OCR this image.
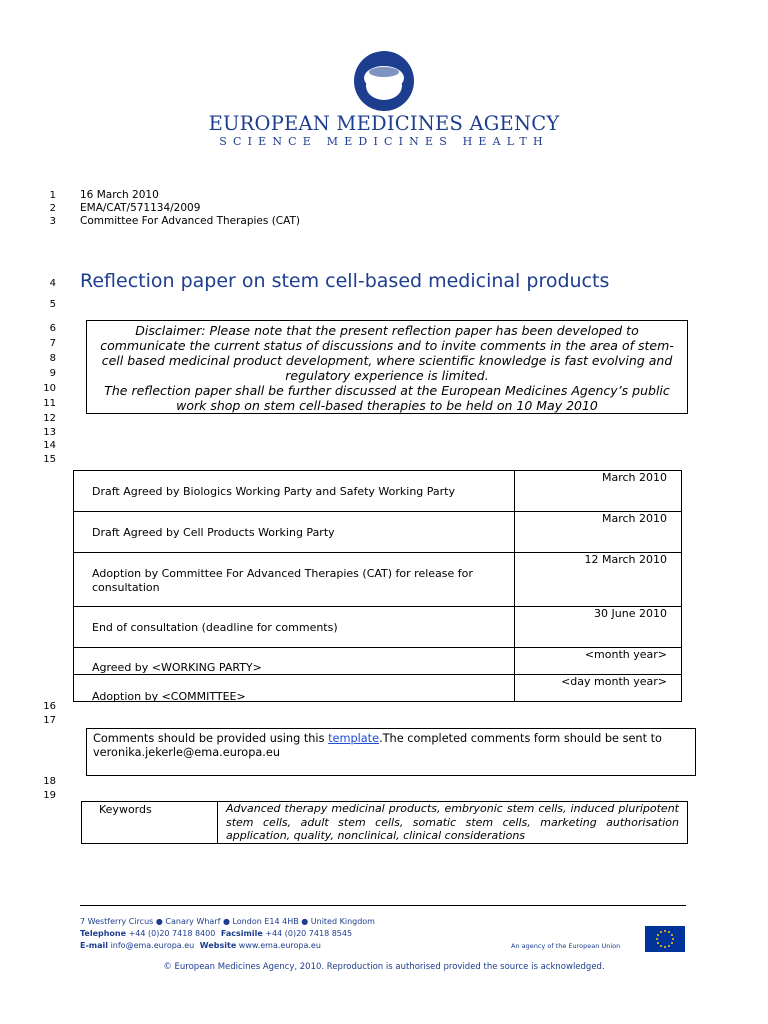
EUROPEAN MEDICINES AGENCY
SCIENCE MEDICINES HEALTH
1
2
3
4
5
6
7
8
9
10
11
12
13
14
15
16
17
18
19
16 March 2010
EMA/CAT/571134/2009
Committee For Advanced Therapies (CAT)
Reflection paper on stem cell-based medicinal products
Disclaimer: Please note that the present reflection paper has been developed to
communicate the current status of discussions and to invite comments in the area of stem-
cell based medicinal product development, where scientific knowledge is fast evolving and
regulatory experience is limited.
The reflection paper shall be further discussed at the European Medicines Agency’s public
work shop on stem cell-based therapies to be held on 10 May 2010
Draft Agreed by Biologics Working Party and Safety Working Party	March 2010

Draft Agreed by Cell Products Working Party	March 2010

Adoption by Committee For Advanced Therapies (CAT) for release for consultation	12 March 2010

End of consultation (deadline for comments)	30 June 2010

Agreed by <WORKING PARTY>	<month year>

Adoption by <COMMITTEE>	<day month year>
Comments should be provided using this template.The completed comments form should be sent to
veronika.jekerle@ema.europa.eu
Keywords	Advanced therapy medicinal products, embryonic stem cells, induced pluripotent stem cells, adult stem cells, somatic stem cells, marketing authorisation application, quality, nonclinical, clinical considerations
7 Westferry Circus ● Canary Wharf ● London E14 4HB ● United Kingdom
Telephone +44 (0)20 7418 8400 Facsimile +44 (0)20 7418 8545
E-mail info@ema.europa.eu Website www.ema.europa.eu	An agency of the European Union
© European Medicines Agency, 2010. Reproduction is authorised provided the source is acknowledged.
